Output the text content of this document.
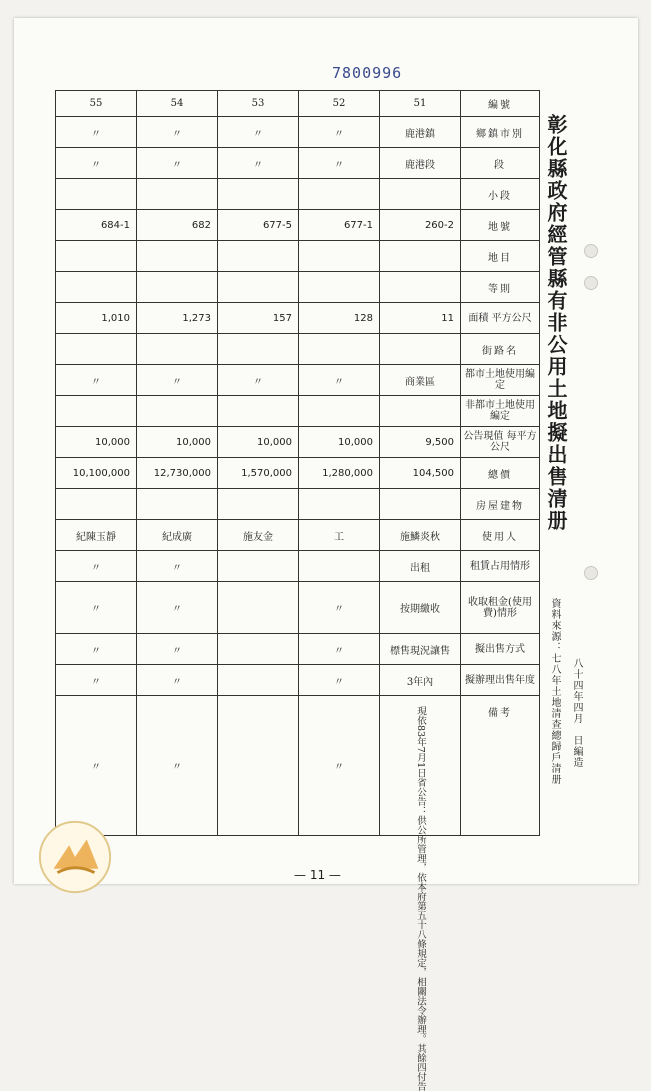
7800996
55	54	53	52	51	編號
〃	〃	〃	〃	鹿港鎮	鄉鎮市別
〃	〃	〃	〃	鹿港段	段
					小段
684-1	682	677-5	677-1	260-2	地號
					地目
					等則
1,010	1,273	157	128	11	面積 平方公尺
					街路名
〃	〃	〃	〃	商業區	都市土地使用編定
					非都市土地使用編定
10,000	10,000	10,000	10,000	9,500	公告現值 每平方公尺
10,100,000	12,730,000	1,570,000	1,280,000	104,500	總價
					房屋建物
紀陳玉靜	紀成廣	施友金	工	施鱗炎秋	使用人
〃	〃			出租	租賃占用情形
〃	〃		〃	按期繳收	收取租金(使用費)情形
〃	〃		〃	標售現況讓售	擬出售方式
〃	〃		〃	3年內	擬辦理出售年度
〃	〃		〃	現依83年7月1日省公告：供公所管理，依本府第五十八條規定，相關法令辦理。其餘四付告	備考
彰化縣政府經管縣有非公用土地擬出售清册
資料來源：七八年土地清查總歸戶清册 八十四年四月　日編造
— 11 —
